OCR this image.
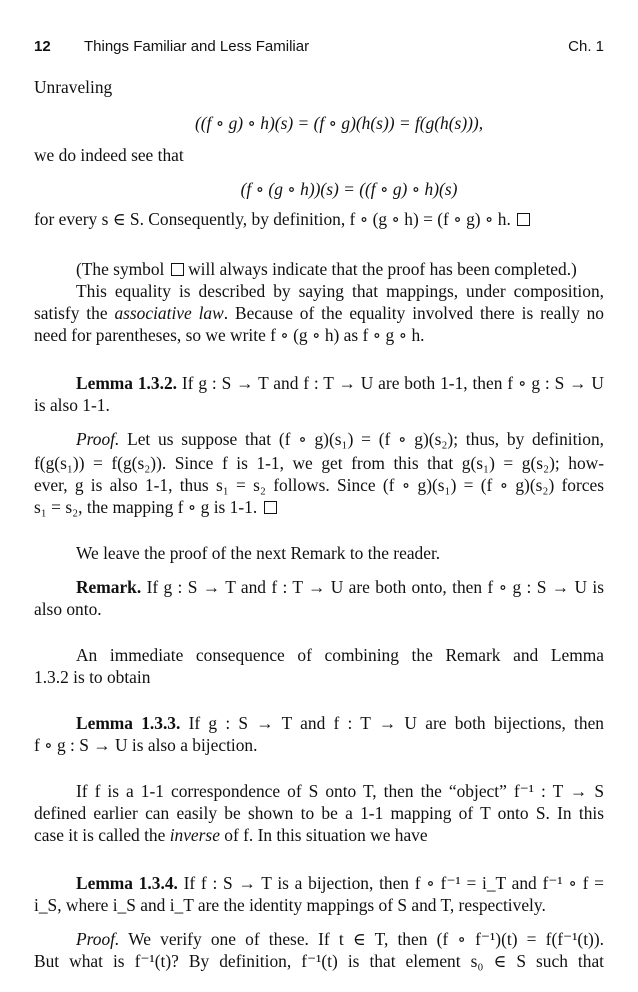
12 Things Familiar and Less Familiar	Ch. 1
Unraveling
((f ∘ g) ∘ h)(s) = (f ∘ g)(h(s)) = f(g(h(s))),
we do indeed see that
(f ∘ (g ∘ h))(s) = ((f ∘ g) ∘ h)(s)
for every s ∈ S. Consequently, by definition, f ∘ (g ∘ h) = (f ∘ g) ∘ h.
(The symbol will always indicate that the proof has been completed.)
This equality is described by saying that mappings, under composition,
satisfy the associative law. Because of the equality involved there is really no
need for parentheses, so we write f ∘ (g ∘ h) as f ∘ g ∘ h.
Lemma 1.3.2. If g : S → T and f : T → U are both 1-1, then f ∘ g : S → U
is also 1-1.
Proof. Let us suppose that (f ∘ g)(s₁) = (f ∘ g)(s₂); thus, by definition,
f(g(s₁)) = f(g(s₂)). Since f is 1-1, we get from this that g(s₁) = g(s₂); how-
ever, g is also 1-1, thus s₁ = s₂ follows. Since (f ∘ g)(s₁) = (f ∘ g)(s₂) forces
s₁ = s₂, the mapping f ∘ g is 1-1.
We leave the proof of the next Remark to the reader.
Remark. If g : S → T and f : T → U are both onto, then f ∘ g : S → U is
also onto.
An immediate consequence of combining the Remark and Lemma
1.3.2 is to obtain
Lemma 1.3.3. If g : S → T and f : T → U are both bijections, then
f ∘ g : S → U is also a bijection.
If f is a 1-1 correspondence of S onto T, then the “object” f⁻¹ : T → S
defined earlier can easily be shown to be a 1-1 mapping of T onto S. In this
case it is called the inverse of f. In this situation we have
Lemma 1.3.4. If f : S → T is a bijection, then f ∘ f⁻¹ = i_T and f⁻¹ ∘ f =
i_S, where i_S and i_T are the identity mappings of S and T, respectively.
Proof. We verify one of these. If t ∈ T, then (f ∘ f⁻¹)(t) = f(f⁻¹(t)).
But what is f⁻¹(t)? By definition, f⁻¹(t) is that element s₀ ∈ S such that
